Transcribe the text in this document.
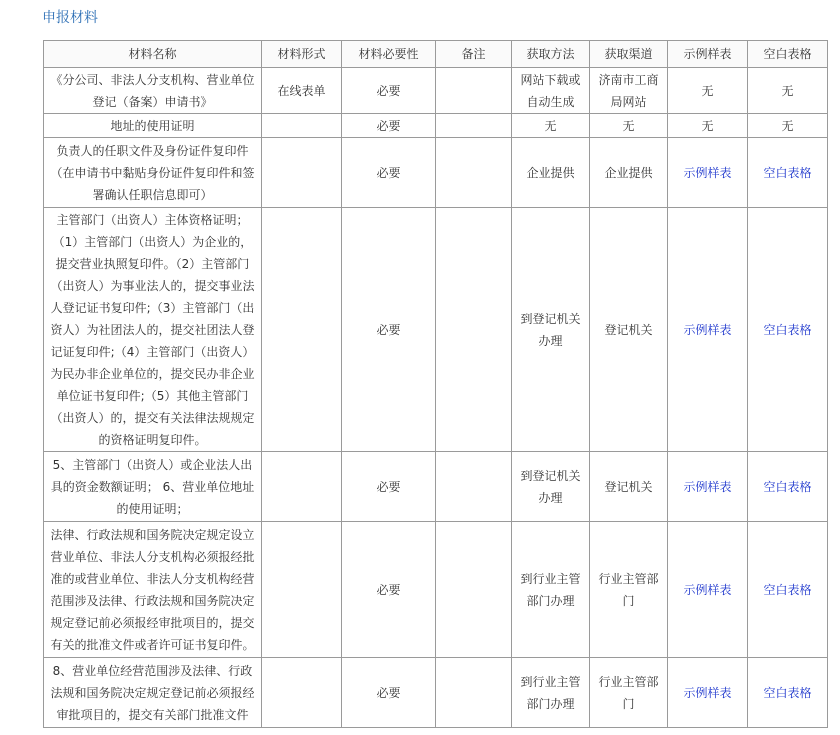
申报材料
材料名称	材料形式	材料必要性	备注	获取方法	获取渠道	示例样表	空白表格
《分公司、非法人分支机构、营业单位登记（备案）申请书》	在线表单	必要		网站下载或自动生成	济南市工商局网站	无	无
地址的使用证明		必要		无	无	无	无
负责人的任职文件及身份证件复印件（在申请书中黏贴身份证件复印件和签署确认任职信息即可）		必要		企业提供	企业提供	示例样表	空白表格
主管部门（出资人）主体资格证明；（1）主管部门（出资人）为企业的，提交营业执照复印件。（2）主管部门（出资人）为事业法人的，提交事业法人登记证书复印件;（3）主管部门（出资人）为社团法人的，提交社团法人登记证复印件;（4）主管部门（出资人）为民办非企业单位的，提交民办非企业单位证书复印件;（5）其他主管部门（出资人）的，提交有关法律法规规定的资格证明复印件。		必要		到登记机关办理	登记机关	示例样表	空白表格
5、主管部门（出资人）或企业法人出具的资金数额证明； 6、营业单位地址的使用证明；		必要		到登记机关办理	登记机关	示例样表	空白表格
法律、行政法规和国务院决定规定设立营业单位、非法人分支机构必须报经批准的或营业单位、非法人分支机构经营范围涉及法律、行政法规和国务院决定规定登记前必须报经审批项目的，提交有关的批准文件或者许可证书复印件。		必要		到行业主管部门办理	行业主管部门	示例样表	空白表格
8、营业单位经营范围涉及法律、行政法规和国务院决定规定登记前必须报经审批项目的，提交有关部门批准文件		必要		到行业主管部门办理	行业主管部门	示例样表	空白表格
